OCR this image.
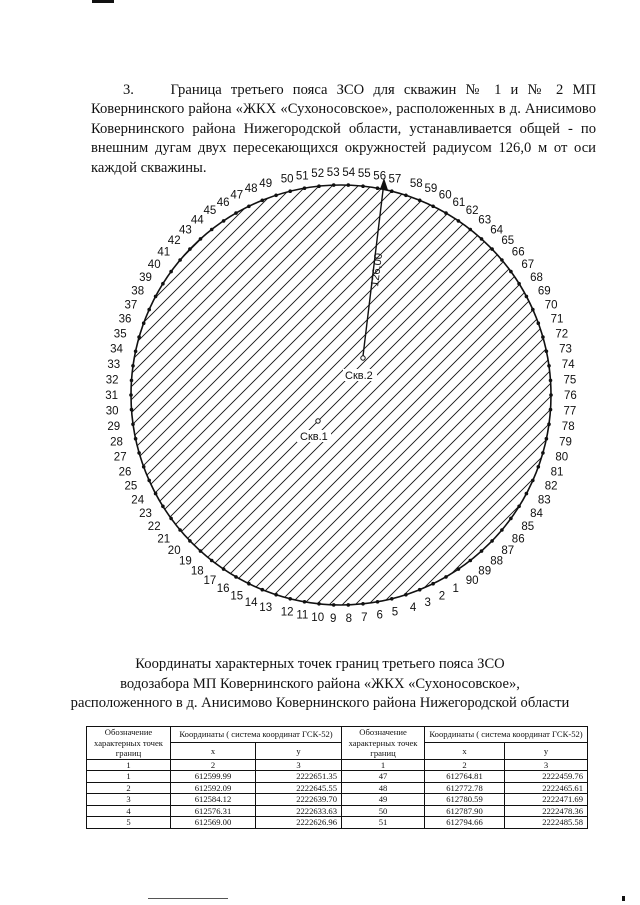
3.    Граница третьего пояса ЗСО для скважин № 1 и № 2 МП Ковернинского района «ЖКХ «Сухоносовское», расположенных в д. Анисимово Ковернинского района Нижегородской области, устанавливается общей - по внешним дугам двух пересекающихся окружностей радиусом 126,0 м от оси каждой скважины.

1
2
3
4
5
6
7
8
9
10
11
12
13
14
15
16
17
18
19
20
21
22
23
24
25
26
27
28
29
30
31
32
33
34
35
36
37
38
39
40
41
42
43
44
45
46
47
48 49 50 51 52 53 54 55 56 57 58 59
60
61
62
63
64
65
66
67
68
69
70
71
72
73
74
75
76
77
78
79
80
81
82
83
84
85
86
87
88
89
90
Скв.2
Скв.1
126,00
Координаты характерных точек границ третьего пояса ЗСО
водозабора МП Ковернинского района «ЖКХ «Сухоносовское»,
расположенного в д. Анисимово Ковернинского района Нижегородской области
Обозначение характерных точек границ	Координаты ( система координат ГСК-52)		Обозначение характерных точек границ	Координаты ( система координат ГСК-52)	
	x	у		x	у
1	2	3	1	2	3
1	612599.99	2222651.35	47	612764.81	2222459.76
2	612592.09	2222645.55	48	612772.78	2222465.61
3	612584.12	2222639.70	49	612780.59	2222471.69
4	612576.31	2222633.63	50	612787.90	2222478.36
5	612569.00	2222626.96	51	612794.66	2222485.58
